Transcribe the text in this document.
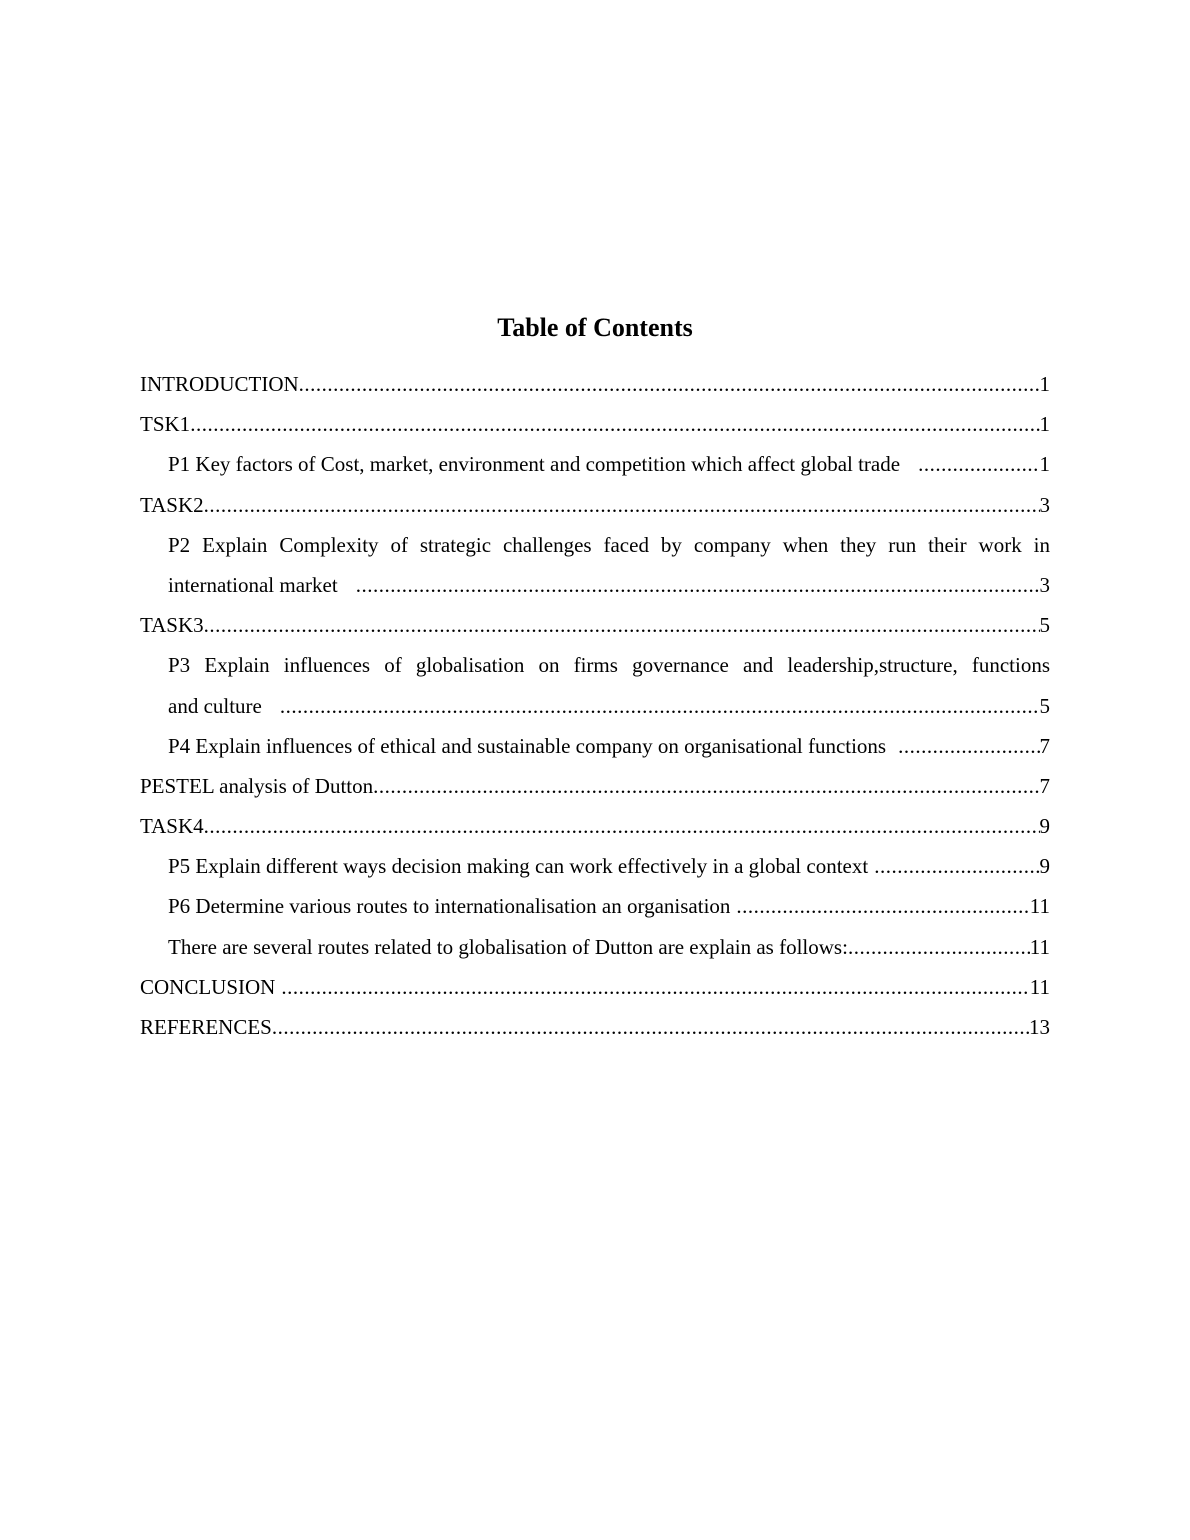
Table of Contents
INTRODUCTION .....	1
TSK1 .....	1
P1 Key factors of Cost, market, environment and competition which affect global trade .....	1
TASK2 .....	3
P2 Explain Complexity of strategic challenges faced by company when they run their work in
international market .....	3
TASK3 .....	5
P3 Explain influences of globalisation on firms governance and leadership,structure, functions
and culture .....	5
P4 Explain influences of ethical and sustainable company on organisational functions .....	7
PESTEL analysis of Dutton .....	7
TASK4 .....	9
P5 Explain different ways decision making can work effectively in a global context .....	9
P6 Determine various routes to internationalisation an organisation .....	11
There are several routes related to globalisation of Dutton are explain as follows: .....	11
CONCLUSION .....	11
REFERENCES .....	13
